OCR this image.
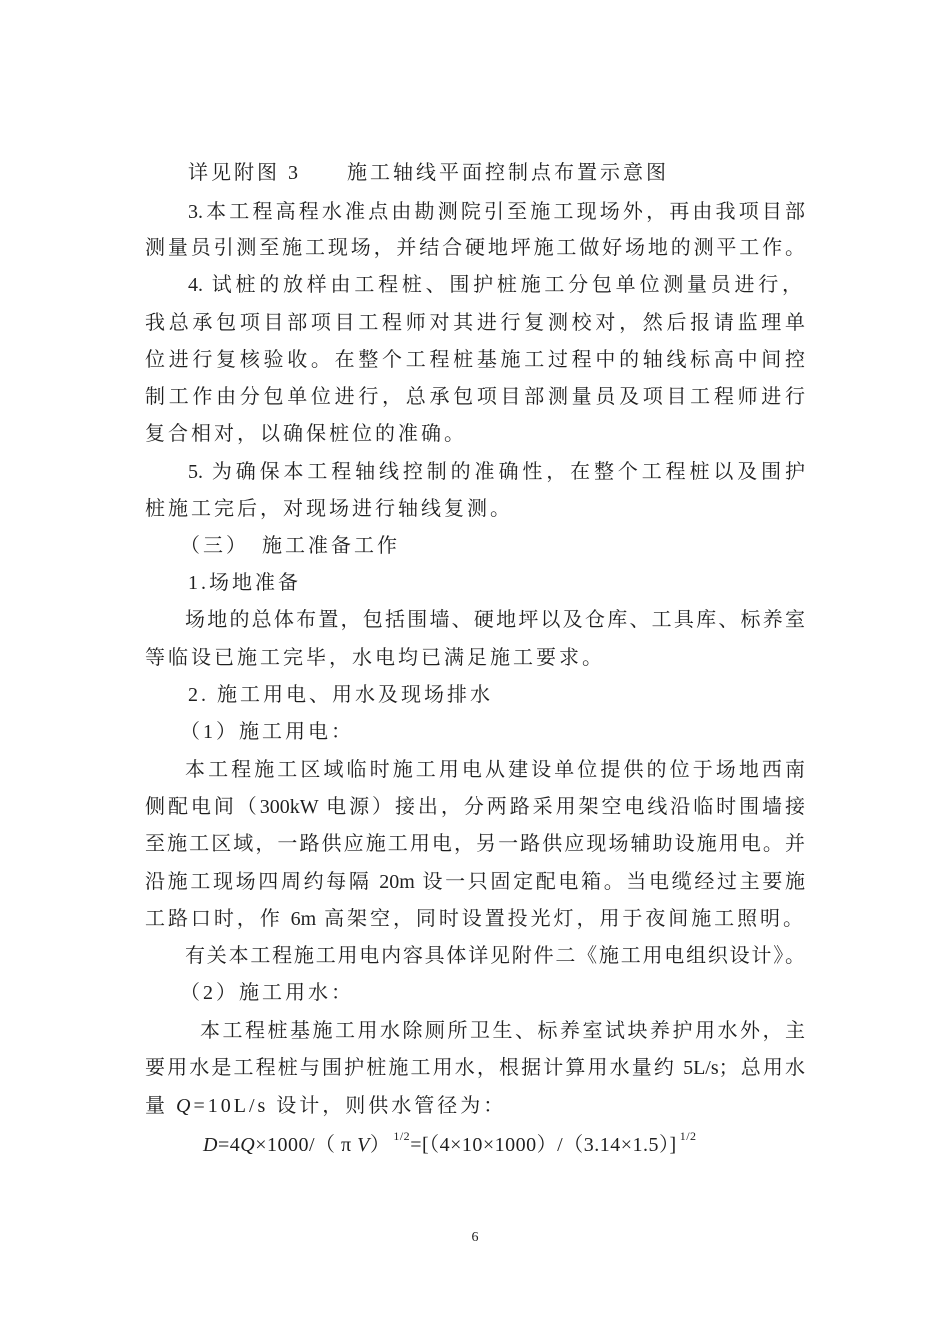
详见附图 3　　施工轴线平面控制点布置示意图
3.本工程高程水准点由勘测院引至施工现场外，再由我项目部
测量员引测至施工现场，并结合硬地坪施工做好场地的测平工作。
4. 试桩的放样由工程桩、围护桩施工分包单位测量员进行，
我总承包项目部项目工程师对其进行复测校对，然后报请监理单
位进行复核验收。在整个工程桩基施工过程中的轴线标高中间控
制工作由分包单位进行，总承包项目部测量员及项目工程师进行
复合相对，以确保桩位的准确。
5. 为确保本工程轴线控制的准确性，在整个工程桩以及围护
桩施工完后，对现场进行轴线复测。
（三）　施工准备工作
1.场地准备
场地的总体布置，包括围墙、硬地坪以及仓库、工具库、标养室
等临设已施工完毕，水电均已满足施工要求。
2. 施工用电、用水及现场排水
（1）施工用电：
本工程施工区域临时施工用电从建设单位提供的位于场地西南
侧配电间（300kW 电源）接出，分两路采用架空电线沿临时围墙接
至施工区域，一路供应施工用电，另一路供应现场辅助设施用电。并
沿施工现场四周约每隔 20m 设一只固定配电箱。当电缆经过主要施
工路口时，作 6m 高架空，同时设置投光灯，用于夜间施工照明。
有关本工程施工用电内容具体详见附件二《施工用电组织设计》。
（2）施工用水：
本工程桩基施工用水除厕所卫生、标养室试块养护用水外，主
要用水是工程桩与围护桩施工用水，根据计算用水量约 5L/s；总用水
量 Q=10L/s 设计，则供水管径为：
D=4Q×1000/（ π V） $^{1/2}$=[（4×10×1000）/（3.14×1.5）] $^{1/2}$
6
